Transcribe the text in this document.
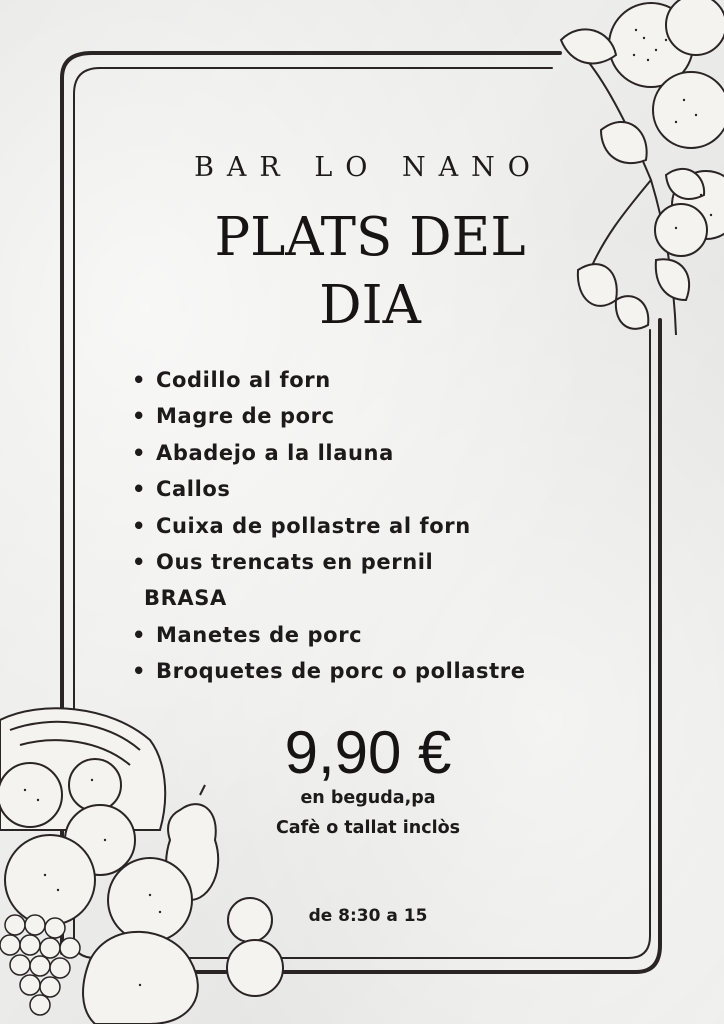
BAR LO NANO
PLATS DEL
DIA
• Codillo al forn
• Magre de porc
• Abadejo a la llauna
• Callos
• Cuixa de pollastre al forn
• Ous trencats en pernil
BRASA
• Manetes de porc
• Broquetes de porc o pollastre
9,90 €
en beguda,pa
Cafè o tallat inclòs
de 8:30 a 15
